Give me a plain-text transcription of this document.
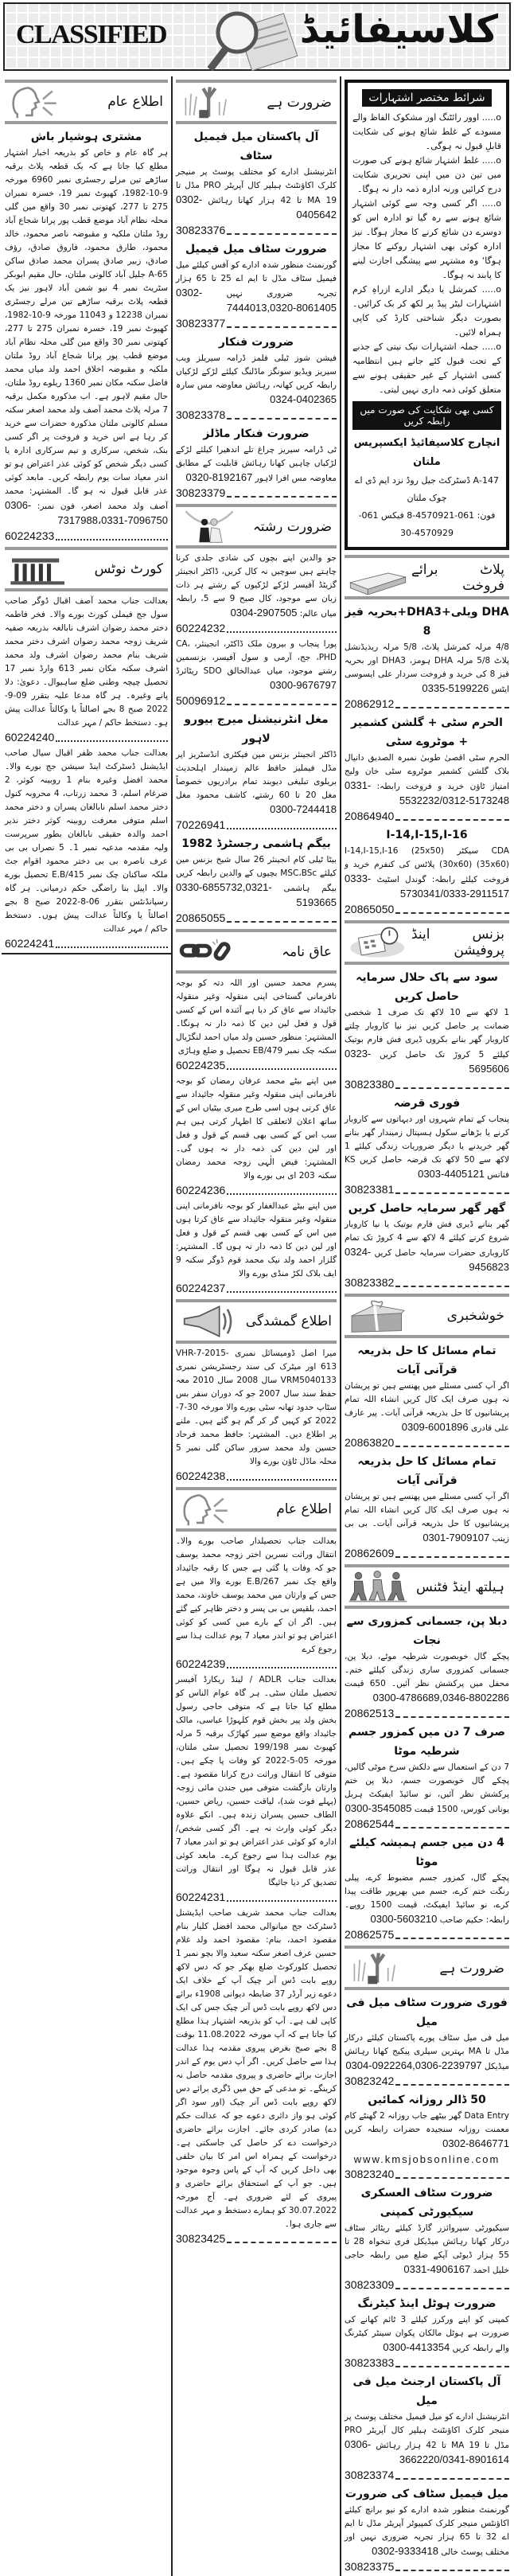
CLASSIFIED	کلاسیفائیڈ
اطلاع عام
مشتری ہوشیار باش
ہر گاہ عام و خاص کو بذریعہ اخبار اشتہار مطلع کیا جاتا ہے کہ یک قطعہ پلاٹ برقبہ ساڑھے تین مرلے رجسٹری نمبر 6960 مورخہ 9-10-1982، کھیوٹ نمبر 19، خسرہ نمبران 275 تا 277، کھتونی نمبر 30 واقع مین گلی محلہ نظام آباد موضع قطب پور پرانا شجاع آباد روڈ ملتان ملکیہ و مقبوضہ ناصر محمود، خالد محمود، طارق محمود، فاروق صادق، رؤف صادق، زبیر صادق پسران محمد صادق ساکن 65-A جلیل آباد کالونی ملتان، حال مقیم ابوبکر سٹریٹ نمبر 4 نیو شمن آباد لاہور نیز یک قطعہ پلاٹ برقبہ ساڑھے تین مرلے رجسٹری نمبران 12238 و 11043 مورخہ 9-10-1982، کھیوٹ نمبر 19، خسرہ نمبران 275 تا 277، کھتونی نمبر 30 واقع مین گلی محلہ نظام آباد موضع قطب پور پرانا شجاع آباد روڈ ملتان ملکیہ و مقبوضہ اخلاق احمد ولد میاں محمد فاضل سکنہ مکان نمبر 1360 ریلوے روڈ ملتان، حال مقیم لاہور ہے۔ اب مذکورہ مکمل برقبہ 7 مرلہ پلاٹ محمد آصف ولد محمد اصغر سکنہ مسلم کالونی ملتان مذکورہ حضرات سے خرید کر رہا ہے اس خرید و فروخت پر اگر کسی بنک، شخص، سرکاری و نیم سرکاری ادارہ یا کسی دیگر شخص کو کوئی عذر اعتراض ہو تو اندر معیاد سات یوم رابطہ کریں۔ مابعد کوئی عذر قابل قبول نہ ہو گا۔ المشتہر: محمد آصف ولد محمد اصغر، فون نمبر: 0306-7317988،0331-7096750
60224233
کورٹ نوٹس
بعدالت جناب محمد آصف اقبال ڈوگر صاحب سول جج فیملی کورٹ بورے والا۔ فخر فاطمہ دختر محمد رضوان اشرف نابالغہ بذریعہ صفیہ شریف زوجہ محمد رضوان اشرف دختر محمد شریف بنام محمد رضوان اشرف ولد محمد اشرف سکنہ مکان نمبر 613 وارڈ نمبر 17 تحصیل چیچہ وطنی ضلع ساہیوال۔ دعویٰ: دلا پانے وغیرہ۔ ہر گاہ مدعا علیہ بتقرر 09-9-2022 صبح 8 بجے اصالتاً یا وکالتاً عدالت پیش ہو۔ دستخط حاکم / مہر عدالت
60224240
بعدالت جناب محمد ظفر اقبال سیال صاحب ایڈیشنل ڈسٹرکٹ اینڈ سیشن جج بورے والا۔ محمد افضل وغیرہ بنام 1 روبینہ کوثر، 2 ضرغام اسلم، 3 محمد زرتاب، 4 محروبہ کنول دختر محمد اسلم نابالغان پسران و دختر محمد اسلم متوفی معرفت روبینہ کوثر دختر نذیر احمد والدہ حقیقی نابالغان بطور سرپرست ولیہ مقدمہ مدعیہ نمبر 1۔ 5 نصراں بی بی عرف ناصرہ بی بی دختر محمود اقوام جٹ ملکہ ساکنان چک نمبر 415/E.B تحصیل بورے والا۔ اپیل بنا راضگی حکم درمیانی۔ ہر گاہ رسپانڈنٹس بتقرر 06-8-2022 صبح 8 بجے اصالتاً یا وکالتاً عدالت پیش ہوں۔ دستخط حاکم / مہر عدالت
60224241
ضرورت ہے
آل پاکستان میل فیمیل سٹاف
انٹرنیشنل ادارے کو مختلف پوسٹ پر منیجر کلرک اکاؤنٹنٹ ہیلپر کال آپریٹر PRO مڈل تا MA 19 تا 42 ہزار کھانا رہائش 0302-0405642
30823376
ضرورت سٹاف میل فیمیل
گورنمنٹ منظور شدہ ادارے کو آفس کیلئے میل فیمیل سٹاف مڈل تا ایم اے 25 تا 65 ہزار تجربہ ضروری نہیں 0302-7444013,0320-8061405
30823377
ضرورت فنکار
فیشن شوز ٹیلی فلمز ڈرامہ سیریلز ویب سیریز ویڈیو سونگز ماڈلنگ کیلئے لڑکے لڑکیاں رابطہ کریں کھانہ، رہائش معاوضہ مس سارہ 0324-0402365
30823378
ضرورت فنکار ماڈلز
ٹی ڈرامہ سیریز چراغ تلے اندھیرا کیلئے لڑکے لڑکیاں چاہیں کھانا رہائش قابلیت کے مطابق معاوضہ مس افرا لاہور 0320-8192167
30823379
ضرورت رشتہ
جو والدین اپنے بچوں کی شادی جلدی کرنا چاہتے ہیں سوچیں نہ کال کریں، ڈاکٹر انجینئر گزیٹڈ آفیسر لڑکے لڑکیوں کے رشتے ہر ذات زبان سے موجود، کال صبح 9 سے 5، رابطہ میاں عالم: 0304-2907505
60224232
پورا پنجاب و بیرون ملک ڈاکٹر، انجینئر، CA، PHD، جج، آرمی و سول آفیسر، بزنسمین رشتے موجود، میاں عبدالخالق SDO ریٹائرڈ 0300-9676797
50096912
مغل انٹرنیشنل میرج بیورو لاہور
ڈاکٹر انجینئر بزنس مین فیکٹری انڈسٹریز اپر مڈل فیملیز حافظ عالم زمیندار اہلحدیث بریلوی تبلیغی دیوبند تمام برادریوں خصوصاً مغل 20 تا 60 رشتے، کاشف محمود مغل 0300-7244418
70226941
بیگم ہاشمی رجسٹرڈ 1982
بیٹا ٹیلی کام انجینئر 26 سال شیخ بزنس مین کیلئے MSC،BSc بچیوں کے والدین رابطہ کریں بیگم ہاشمی 0330-6855732,0321-5193665
20865055
عاق نامہ
پسرم محمد حسین اور اللہ دتہ کو بوجہ نافرمانی گستاخی اپنی منقولہ وغیر منقولہ جائیداد سے عاق کر دیا ہے آئندہ اس کے کسی قول و فعل لین دین کا ذمہ دار نہ ہونگا۔ المشتہر: منظور حسین ولد میاں احمد لنگڑیال سکنہ چک نمبر 479/EB تحصیل و ضلع وہاڑی
60224235
میں اپنے بیٹے محمد عرفان رمضان کو بوجہ نافرمانی اپنی منقولہ وغیر منقولہ جائیداد سے عاق کرتی ہوں اسی طرح میری بیٹیاں اس کے ساتھ اعلان لاتعلقی کا اظہار کرتی ہیں ہم سب اس کے کسی بھی قسم کے قول و فعل اور لین دین کی ذمہ دار نہ ہوں گی۔ المشتہر: فیض الٰہی زوجہ محمد رمضان سکنہ 203 ای بی بورے والا
60224236
میں اپنے بیٹے عبدالغفار کو بوجہ نافرمانی اپنی منقولہ وغیر منقولہ جائیداد سے عاق کرتا ہوں میں اس کے کسی بھی قسم کے قول و فعل اور لین دین کا ذمہ دار نہ ہوں گا۔ المشتہر: گلزار احمد ولد نیک محمد قوم ڈوگر سکنہ 9 ایف بلاک لکڑ منڈی بورے والا
60224237
اطلاع گمشدگی
میرا اصل ڈومیسائل نمبری VHR-7-2015-613 اور میٹرک کی سند رجسٹریشن نمبری VRM5040133 سال 2008 سال 2010 معہ حفظ سند سال 2007 جو کہ دوران سفر بس سٹاپ حدود تھانہ سٹی بورے والا مورخہ 30-7-2022 کو کہیں گر کر گم ہو گئے ہیں۔ ملنے پر اطلاع دیں۔ المشتہر: حافظ محمد فرحاد حسین ولد محمد سرور ساکن گلی نمبر 5 محلہ ماڈل ٹاؤن بورے والا
60224238
اطلاع عام
بعدالت جناب تحصیلدار صاحب بورے والا۔ انتقال وراثت نسرین اختر زوجہ محمد یوسف جو کہ وفات پا گئی ہے جس کا رقبہ جائیداد واقع چک نمبر 267/E.B بورے والا میں ہے جس کے وارثان میں محمد یوسف خاوند، محمد احمد، بلقیس بی بی پسر و دختر ظاہر کیے گئے ہیں۔ اگر ان کے بارے میں کسی کو کوئی اعتراض ہو تو اندر معیاد 7 یوم عدالت ہذا سے رجوع کرے
60224239
بعدالت جناب ADLR / لینڈ ریکارڈ آفیسر تحصیل ملتان سٹی۔ ہر گاہ عوام الناس کو مطلع کیا جاتا ہے کہ متوفی حاجی رسول بخش ولد پیر بخش قوم کلہوڑا عباسی، مالک جائیداد واقع موضع سیر کھاڑک برقبہ 5 مرلہ کھیوٹ نمبر 199/198 تحصیل سٹی ملتان، مورخہ 05-5-2022 کو وفات پا چکے ہیں۔ متوفی کا انتقال وراثت درج کرانا مقصود ہے۔ وارثان بازگشت متوفی میں جندن مائی زوجہ (پہلے فوت شد)، لیاقت حسین، ریاض حسین، الطاف حسین پسران زندہ ہیں۔ انکے علاوہ دیگر کوئی وارث نہ ہے۔ اگر کسی شخص/ ادارہ کو کوئی عذر اعتراض ہو تو اندر معیاد 7 یوم عدالت ہذا سے رجوع کرے۔ مابعد کوئی عذر قابل قبول نہ ہوگا اور انتقال وراثت تصدیق کر دیا جائیگا
60224231
بعدالت جناب محمد شریف صاحب ایڈیشنل ڈسٹرکٹ جج میانوالی محمد افضل کلیار بنام مقصود احمد، بنام: مقصود احمد ولد غلام حسین عرف اصغر سکنہ سعید والا بچو نمبر 1 تحصیل کلورکوٹ ضلع بھکر جو کہ دس لاکھ روپے بابت ڈس آنر چیک آپ کے خلاف ایک دعوے زیر آرڈر 37 ضابطہ دیوانی 1908ء برائے دس لاکھ روپے بابت ڈس آنر چیک جس کی ایک کاپی لف ہے۔ آپ کو بذریعہ اشتہار ہذا مطلع کیا جاتا ہے کہ آپ مورخہ 11.08.2022 بوقت 8 بجے صبح بغرض پیروی مقدمہ ہذا عدالت ہذا سے حاصل کریں۔ اگر آپ دس یوم کے اندر اجازت برائے حاضری و پیروی مقدمہ حاصل نہ کرینگے۔ تو مدعی کے حق میں ڈگری برائے دس لاکھ روپے بابت ڈس آنر چیک (اور سود اگر کوئی ہو واز دائری دعوے جو کہ عدالت حکم دے) صادر کردی جائے۔ اجازت برائے حاضری درخواست دے کر حاصل کی جاسکتی ہے۔ درخواست کے ہمراہ اس امر کا بیان حلفی بھی داخل کریں کہ آپ کے پاس وجوہ موجود ہیں۔ جو آپ کے استحقاق برائے حاضری و پیروی کے لئے ضروری ہے۔ آج مورخہ 30.07.2022 کو ہمارے دستخط و مہر عدالت سے جاری ہوا۔
30823425
شرائط مختصر اشتہارات
o..... اوور رائٹنگ اور مشکوک الفاظ والے مسودے کے غلط شائع ہونے کی شکایت قابلِ قبول نہ ہوگی۔
o..... غلط اشتہار شائع ہونے کی صورت میں تین دن میں اپنی تحریری شکایت درج کرائیں ورنہ ادارہ ذمہ دار نہ ہوگا۔
o..... اگر کسی وجہ سے کوئی اشتہار شائع ہونے سے رہ گیا تو ادارہ اس کو دوسرے دن شائع کرنے کا مجاز ہوگا۔ نیز ادارہ کوئی بھی اشتہار روکنے کا مجاز ہوگا‘ وہ مشتہر سے پیشگی اجازت لینے کا پابند نہ ہوگا۔
o..... کمرشل یا دیگر ادارے ازراہِ کرم اشتہارات لیٹر پیڈ پر لکھ کر بک کرائیں۔ بصورت دیگر شناختی کارڈ کی کاپی ہمراہ لائیں۔
o..... جملہ اشتہارات نیک نیتی کے جذبے کے تحت قبول کئے جاتے ہیں انتظامیہ کسی اشتہار کے غیر حقیقی ہونے سے متعلق کوئی ذمہ داری نہیں لیتی۔
کسی بھی شکایت کی صورت میں رابطہ کریں
انچارج کلاسیفائیڈ ایکسپریس ملتان
147-A ڈسٹرکٹ جیل روڈ نزد ایم ڈی اے چوک ملتان
فون: 061-4570921-8 فیکس 061-4570929-30
پلاٹ برائے فروخت
DHA ویلی+DHA3+بحریہ فیز 8
4/8 مرلہ کمرشل پلاٹ، 5/8 مرلہ ریذیڈنشل پلاٹ 5/8 مرلہ DHA ہومز، DHA3 اور بحریہ فیز 8 کی خرید و فروخت سردار علی ایسوسی ایٹس 0335-5199226
20862912
الحرم سٹی + گلشن کشمیر + موٹروے سٹی
الحرم سٹی اقصیٰ طوبیٰ نمبرہ الصدیق دانیال بلاک گلشن کشمیر موٹروے سٹی خان ولیج امتیاز ٹاؤن خرید و فروخت رابطہ: 0331-5532232/0312-5173248
20864940
I-14,I-15,I-16
CDA سیکٹر I-14,I-15,I-16 (25x50)(30x60) (35x60) پلاٹس کی کنفرم خرید و فروخت کیلئے رابطہ: گوندل اسٹیٹ 0333-5730341/0333-2911517
20865050
بزنس اینڈ پروفیشن
سود سے پاک حلال سرمایہ حاصل کریں
1 لاکھ سے 10 لاکھ تک صرف 1 شخصی ضمانت پر حاصل کریں نیز نیا کاروبار چلتے کاروبار گھر بنانے بکروں ڈیری فش فارم بوتیک کیلئے 5 کروڑ تک حاصل کریں 0323-5695606
30823380
فوری قرضہ
پنجاب کے تمام شہروں اور دیہاتوں سے کاروبار کرنے یا بڑھانے سکول ہسپتال زمیندار گھر بنانے گھر خریدنے یا دیگر ضروریات زندگی کیلئے 1 لاکھ سے 50 لاکھ تک قرضہ حاصل کریں KS فنانس 0303-4405121
30823381
گھر گھر سرمایہ حاصل کریں
گھر بنانے ڈیری فش فارم بوتیک یا نیا کاروبار شروع کرنے کیلئے 4 لاکھ سے 4 کروڑ تک تمام کاروباری حضرات سرمایہ حاصل کریں 0324-9456823
30823382
خوشخبری
تمام مسائل کا حل بذریعہ قرآنی آیات
اگر آپ کسی مسئلے میں پھنسے ہیں تو پریشان نہ ہوں صرف ایک کال کریں انشاء اللہ تمام پریشانیوں کا حل بذریعہ قرآنی آیات۔ پیر عارف علی قادری 0309-6001896
20863820
تمام مسائل کا حل بذریعہ قرآنی آیات
اگر آپ کسی مسئلے میں پھنسے ہیں تو پریشان نہ ہوں صرف ایک کال کریں انشاء اللہ تمام پریشانیوں کا حل بذریعہ قرآنی آیات۔ بی بی زینب 0301-7909107
20862609
ہیلتھ اینڈ فٹنس
دبلا پن، جسمانی کمزوری سے نجات
پچکے گال خوبصورت شرطیہ موٹے، دبلا پن، جسمانی کمزوری ساری زندگی کیلئے ختم۔ محفل میں پرکشش نظر آئیں۔ 650 قیمت 0300-4786689,0346-8802286
20862513
صرف 7 دن میں کمزور جسم شرطیہ موٹا
7 دن کے استعمال سے دلکش سرخ موٹی گالیں، پچکے گال خوبصورت جسم، دبلا پن ختم پرکشش نظر آئیں، نو سائیڈ ایفیکٹ ہربل یونانی کورس، 1500 قیمت 0300-3545085
20862544
4 دن میں جسم ہمیشہ کیلئے موٹا
پچکے گال، کمزور جسم مضبوط کرے، پیلی رنگت ختم کرے، جسم میں بھرپور طاقت پیدا کرے، نو سائیڈ ایفیکٹ، قیمت 1500 روپے۔ رابطہ: حکیم صاحب 0300-5603210
20862575
ضرورت ہے
فوری ضرورت سٹاف میل فی میل
میل فی میل سٹاف پورے پاکستان کیلئے درکار مڈل تا MA بہترین سیلری پیکیج کھانا رہائش میڈیکل 0304-0922264,0306-2239797
30823242
50 ڈالر روزانہ کمائیں
Data Entry گھر بیٹھے جاب روزانہ 2 گھنٹے کام معمنت روزانہ سنجیدہ حضرات رابطہ کریں 0302-8646771
www.kmsjobsonline.com
30823240
ضرورت سٹاف العسکری سیکیورٹی کمپنی
سیکیورٹی سپروائزر گارڈ کیلئے ریٹائر سٹاف درکار کھانا رہائش میڈیکل فری تنخواہ 28 تا 55 ہزار ڈیوٹی آپکے ضلع میں رابطہ حاجی خلیل احمد 0331-4906167
30823309
ضرورت ہوٹل اینڈ کیٹرنگ
کمپنی کو اپنے ورکرز کیلئے 3 ٹائم کھانے کی ضرورت ہے ہوٹل مالکان پکوان سینٹر کیٹرنگ والے رابطہ کریں 0300-4413354
30823383
آل پاکستان ارجنٹ میل فی میل
انٹرنیشنل ادارے کو میل فیمیل مختلف پوسٹ پر منیجر کلرک اکاؤنٹنٹ ہیلپر کال آپریٹر PRO مڈل تا MA 19 تا 42 ہزار رہائش 0306-3662220/0341-8901614
30823374
میل فیمیل سٹاف کی ضرورت
گورنمنٹ منظور شدہ ادارے کو نیو برانچ کیلئے اکاؤنٹس منیجر کلرک کمپیوٹر آپریٹر مڈل تا ایم اے 32 تا 65 ہزار تجربہ ضروری نہیں اور مختلف پوسٹ خالی 0302-9333418
30823375
